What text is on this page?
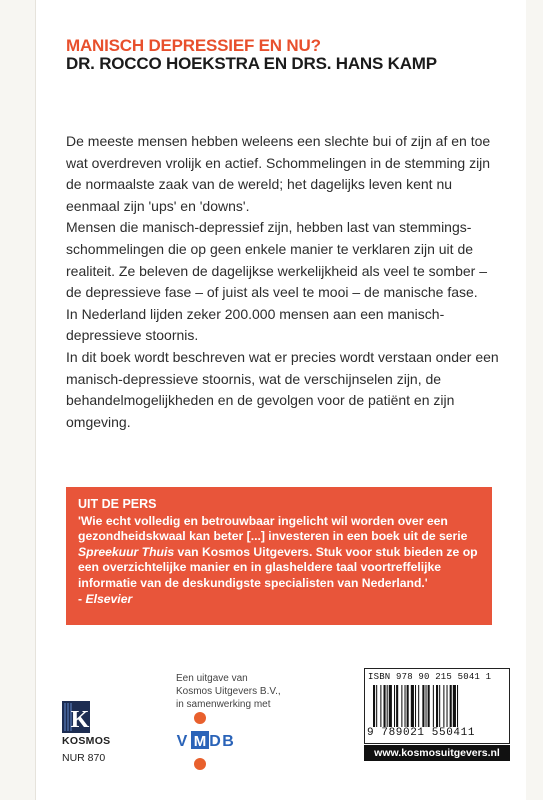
MANISCH DEPRESSIEF EN NU?
DR. ROCCO HOEKSTRA EN DRS. HANS KAMP

De meeste mensen hebben weleens een slechte bui of zijn af en toe wat overdreven vrolijk en actief. Schommelingen in de stemming zijn de normaalste zaak van de wereld; het dagelijks leven kent nu eenmaal zijn 'ups' en 'downs'.

Mensen die manisch-depressief zijn, hebben last van stemmings-schommelingen die op geen enkele manier te verklaren zijn uit de realiteit. Ze beleven de dagelijkse werkelijkheid als veel te somber – de depressieve fase – of juist als veel te mooi – de manische fase.

In Nederland lijden zeker 200.000 mensen aan een manisch-depressieve stoornis.

In dit boek wordt beschreven wat er precies wordt verstaan onder een manisch-depressieve stoornis, wat de verschijnselen zijn, de behandelmogelijkheden en de gevolgen voor de patiënt en zijn omgeving.

UIT DE PERS
'Wie echt volledig en betrouwbaar ingelicht wil worden over een gezondheidskwaal kan beter [...] investeren in een boek uit de serie Spreekuur Thuis van Kosmos Uitgevers. Stuk voor stuk bieden ze op een overzichtelijke manier en in glasheldere taal voortreffelijke informatie van de deskundigste specialisten van Nederland.'
- Elsevier
Een uitgave van
Kosmos Uitgevers B.V.,
in samenwerking met
K
KOSMOS
NUR 870
V M D B
ISBN 978 90 215 5041 1
9 789021 550411
www.kosmosuitgevers.nl
